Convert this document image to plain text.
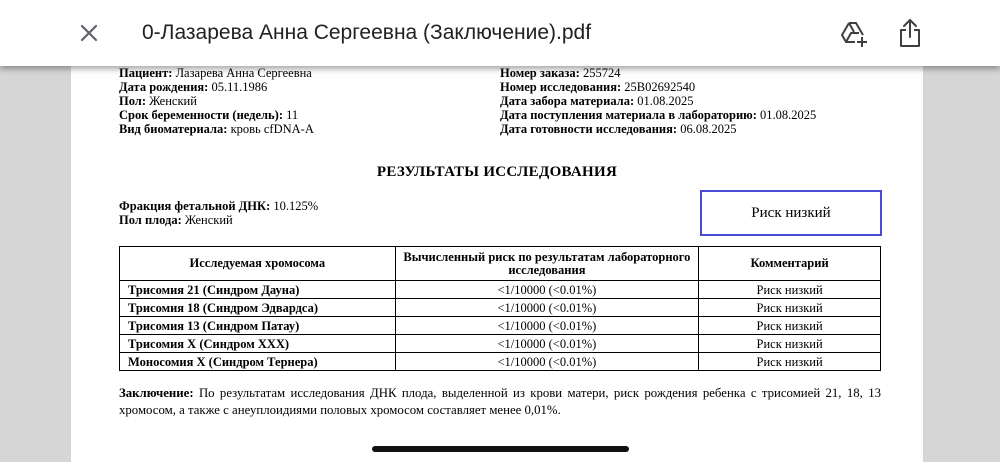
0-Лазарева Анна Сергеевна (Заключение).pdf
Пациент: Лазарева Анна Сергеевна
Дата рождения: 05.11.1986
Пол: Женский
Срок беременности (недель): 11
Вид биоматериала: кровь cfDNA-A
Номер заказа: 255724
Номер исследования: 25B02692540
Дата забора материала: 01.08.2025
Дата поступления материала в лабораторию: 01.08.2025
Дата готовности исследования: 06.08.2025
РЕЗУЛЬТАТЫ ИССЛЕДОВАНИЯ
Фракция фетальной ДНК: 10.125%
Пол плода: Женский	Риск низкий
Исследуемая хромосома	Вычисленный риск по результатам лабораторного исследования	Комментарий
Трисомия 21 (Синдром Дауна)	<1/10000 (<0.01%)	Риск низкий
Трисомия 18 (Синдром Эдвардса)	<1/10000 (<0.01%)	Риск низкий
Трисомия 13 (Синдром Патау)	<1/10000 (<0.01%)	Риск низкий
Трисомия X (Синдром XXX)	<1/10000 (<0.01%)	Риск низкий
Моносомия X (Синдром Тернера)	<1/10000 (<0.01%)	Риск низкий
Заключение: По результатам исследования ДНК плода, выделенной из крови матери, риск рождения ребенка с трисомией 21, 18, 13 хромосом, а также с анеуплоидиями половых хромосом составляет менее 0,01%.
